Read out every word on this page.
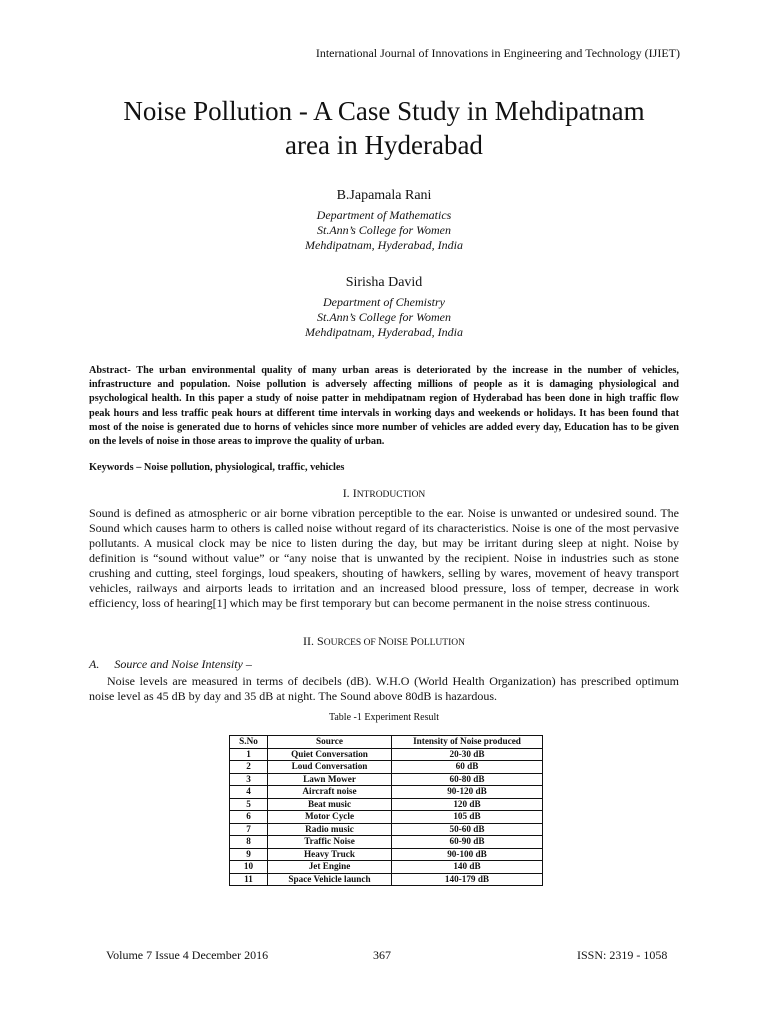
International Journal of Innovations in Engineering and Technology (IJIET)
Noise Pollution - A Case Study in Mehdipatnam
area in Hyderabad
B.Japamala Rani
Department of Mathematics
St.Ann’s College for Women
Mehdipatnam, Hyderabad, India
Sirisha David
Department of Chemistry
St.Ann’s College for Women
Mehdipatnam, Hyderabad, India
Abstract- The urban environmental quality of many urban areas is deteriorated by the increase in the number of vehicles, infrastructure and population. Noise pollution is adversely affecting millions of people as it is damaging physiological and psychological health. In this paper a study of noise patter in mehdipatnam region of Hyderabad has been done in high traffic flow peak hours and less traffic peak hours at different time intervals in working days and weekends or holidays. It has been found that most of the noise is generated due to horns of vehicles since more number of vehicles are added every day, Education has to be given on the levels of noise in those areas to improve the quality of urban.
Keywords – Noise pollution, physiological, traffic, vehicles
I. INTRODUCTION
Sound is defined as atmospheric or air borne vibration perceptible to the ear. Noise is unwanted or undesired sound. The Sound which causes harm to others is called noise without regard of its characteristics. Noise is one of the most pervasive pollutants. A musical clock may be nice to listen during the day, but may be irritant during sleep at night. Noise by definition is “sound without value” or “any noise that is unwanted by the recipient. Noise in industries such as stone crushing and cutting, steel forgings, loud speakers, shouting of hawkers, selling by wares, movement of heavy transport vehicles, railways and airports leads to irritation and an increased blood pressure, loss of temper, decrease in work efficiency, loss of hearing[1] which may be first temporary but can become permanent in the noise stress continuous.
II. SOURCES OF NOISE POLLUTION
A.     Source and Noise Intensity –
Noise levels are measured in terms of decibels (dB). W.H.O (World Health Organization) has prescribed optimum noise level as 45 dB by day and 35 dB at night. The Sound above 80dB is hazardous.
Table -1 Experiment Result
S.No	Source	Intensity of Noise produced
1	Quiet Conversation	20-30 dB
2	Loud Conversation	60 dB
3	Lawn Mower	60-80 dB
4	Aircraft noise	90-120 dB
5	Beat music	120 dB
6	Motor Cycle	105 dB
7	Radio music	50-60 dB
8	Traffic Noise	60-90 dB
9	Heavy Truck	90-100 dB
10	Jet Engine	140 dB
11	Space Vehicle launch	140-179 dB
Volume 7 Issue 4 December 2016	367	ISSN: 2319 - 1058
